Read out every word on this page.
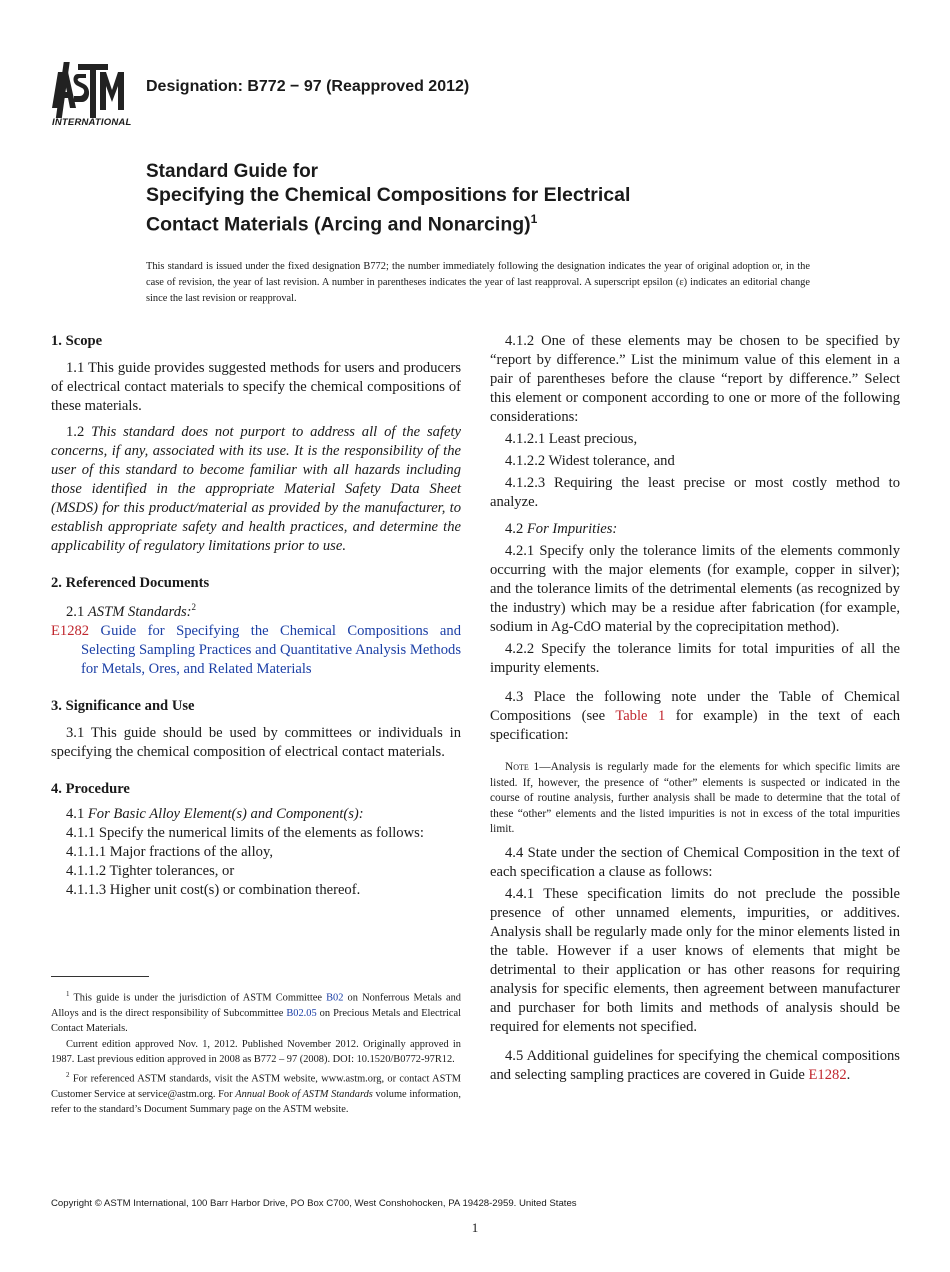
INTERNATIONAL
Designation: B772 − 97 (Reapproved 2012)
Standard Guide for
Specifying the Chemical Compositions for Electrical
Contact Materials (Arcing and Nonarcing)$^1$
This standard is issued under the fixed designation B772; the number immediately following the designation indicates the year of original adoption or, in the case of revision, the year of last revision. A number in parentheses indicates the year of last reapproval. A superscript epsilon (ε) indicates an editorial change since the last revision or reapproval.
1. Scope

1.1 This guide provides suggested methods for users and producers of electrical contact materials to specify the chemical compositions of these materials.

1.2 This standard does not purport to address all of the safety concerns, if any, associated with its use. It is the responsibility of the user of this standard to become familiar with all hazards including those identified in the appropriate Material Safety Data Sheet (MSDS) for this product/material as provided by the manufacturer, to establish appropriate safety and health practices, and determine the applicability of regulatory limitations prior to use.

2. Referenced Documents

2.1 ASTM Standards:$^2$

E1282 Guide for Specifying the Chemical Compositions and Selecting Sampling Practices and Quantitative Analysis Methods for Metals, Ores, and Related Materials

3. Significance and Use

3.1 This guide should be used by committees or individuals in specifying the chemical composition of electrical contact materials.

4. Procedure

4.1 For Basic Alloy Element(s) and Component(s):

4.1.1 Specify the numerical limits of the elements as follows:

4.1.1.1 Major fractions of the alloy,

4.1.1.2 Tighter tolerances, or

4.1.1.3 Higher unit cost(s) or combination thereof.

4.1.2 One of these elements may be chosen to be specified by “report by difference.” List the minimum value of this element in a pair of parentheses before the clause “report by difference.” Select this element or component according to one or more of the following considerations:

4.1.2.1 Least precious,

4.1.2.2 Widest tolerance, and

4.1.2.3 Requiring the least precise or most costly method to analyze.

4.2 For Impurities:

4.2.1 Specify only the tolerance limits of the elements commonly occurring with the major elements (for example, copper in silver); and the tolerance limits of the detrimental elements (as recognized by the industry) which may be a residue after fabrication (for example, sodium in Ag-CdO material by the coprecipitation method).

4.2.2 Specify the tolerance limits for total impurities of all the impurity elements.

4.3 Place the following note under the Table of Chemical Compositions (see Table 1 for example) in the text of each specification:

Note 1—Analysis is regularly made for the elements for which specific limits are listed. If, however, the presence of “other” elements is suspected or indicated in the course of routine analysis, further analysis shall be made to determine that the total of these “other” elements and the listed impurities is not in excess of the total impurities limit.

4.4 State under the section of Chemical Composition in the text of each specification a clause as follows:

4.4.1 These specification limits do not preclude the possible presence of other unnamed elements, impurities, or additives. Analysis shall be regularly made only for the minor elements listed in the table. However if a user knows of elements that might be detrimental to their application or has other reasons for requiring analysis for specific elements, then agreement between manufacturer and purchaser for both limits and methods of analysis should be required for elements not specified.

4.5 Additional guidelines for specifying the chemical compositions and selecting sampling practices are covered in Guide E1282.

$^1$ This guide is under the jurisdiction of ASTM Committee B02 on Nonferrous Metals and Alloys and is the direct responsibility of Subcommittee B02.05 on Precious Metals and Electrical Contact Materials.

Current edition approved Nov. 1, 2012. Published November 2012. Originally approved in 1987. Last previous edition approved in 2008 as B772 – 97 (2008). DOI: 10.1520/B0772-97R12.

$^2$ For referenced ASTM standards, visit the ASTM website, www.astm.org, or contact ASTM Customer Service at service@astm.org. For Annual Book of ASTM Standards volume information, refer to the standard’s Document Summary page on the ASTM website.

Copyright © ASTM International, 100 Barr Harbor Drive, PO Box C700, West Conshohocken, PA 19428-2959. United States
1
